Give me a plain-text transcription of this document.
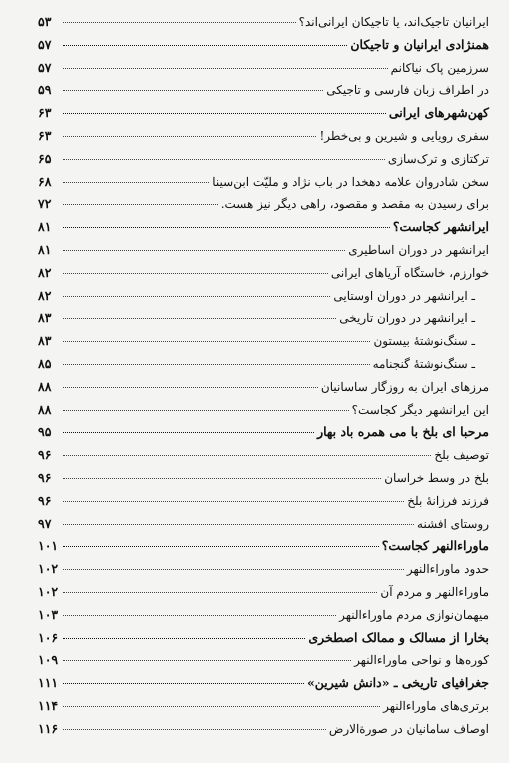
ایرانیان تاجیک‌اند، یا تاجیکان ایرانی‌اند؟
۵۳
همنژادی ایرانیان و تاجیکان
۵۷
سرزمین پاک نیاکانم
۵۷
در اطراف زبان فارسی و تاجیکی
۵۹
کهن‌شهرهای ایرانی
۶۳
سفری رویایی و شیرین و بی‌خطر!
۶۳
ترکتازی و ترک‌سازی
۶۵
سخن شادروان علامه دهخدا در باب نژاد و ملیّت ابن‌سینا
۶۸
برای رسیدن به مقصد و مقصود، راهی دیگر نیز هست.
۷۲
ایرانشهر کجاست؟
۸۱
ایرانشهر در دوران اساطیری
۸۱
خوارزم، خاستگاه آریاهای ایرانی
۸۲
ـ ایرانشهر در دوران اوستایی
۸۲
ـ ایرانشهر در دوران تاریخی
۸۳
ـ سنگ‌نوشتهٔ بیستون
۸۳
ـ سنگ‌نوشتهٔ گنجنامه
۸۵
مرزهای ایران به روزگار ساسانیان
۸۸
این ایرانشهر دیگر کجاست؟
۸۸
مرحبا ای بلخ با می همره باد بهار
۹۵
توصیف بلخ
۹۶
بلخ در وسط خراسان
۹۶
فرزند فرزانهٔ بلخ
۹۶
روستای افشنه
۹۷
ماوراءالنهر کجاست؟
۱۰۱
حدود ماوراءالنهر
۱۰۲
ماوراءالنهر و مردم آن
۱۰۲
میهمان‌نوازی مردم ماوراءالنهر
۱۰۳
بخارا از مسالک و ممالک اصطخری
۱۰۶
کوره‌ها و نواحی ماوراءالنهر
۱۰۹
جغرافیای تاریخی ـ «دانش شیرین»
۱۱۱
برتری‌های ماوراءالنهر
۱۱۴
اوصاف سامانیان در صورة‌الارض
۱۱۶
